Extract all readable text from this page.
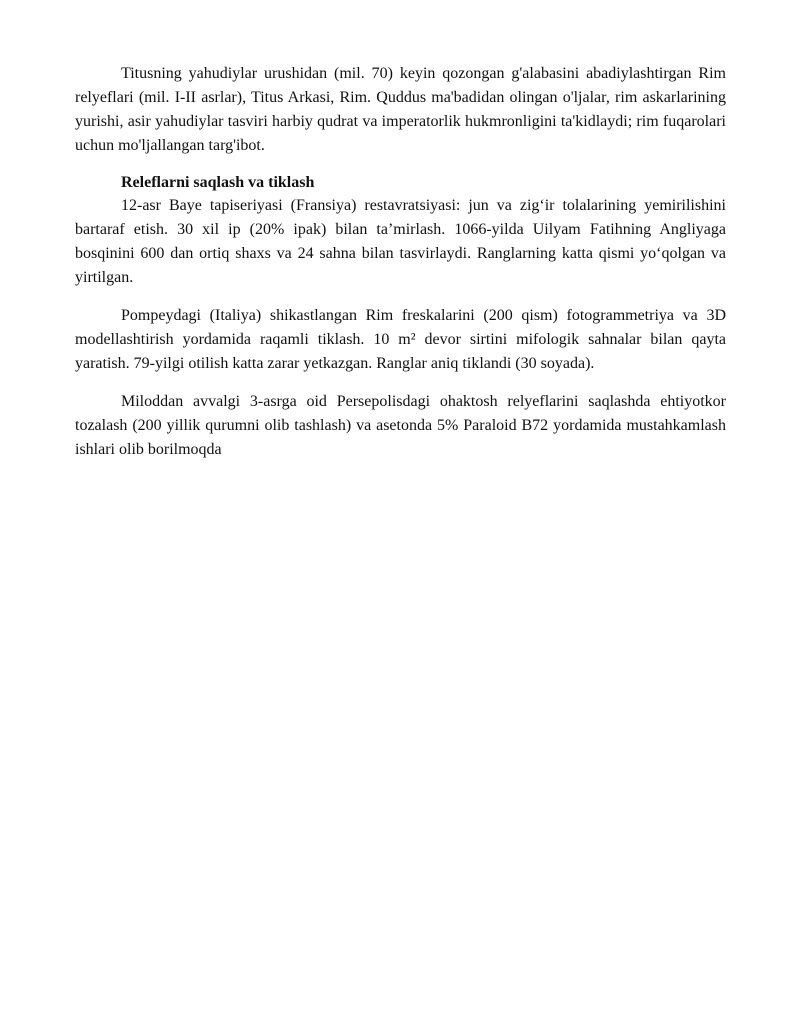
Titusning yahudiylar urushidan (mil. 70) keyin qozongan g'alabasini abadiylashtirgan Rim relyeflari (mil. I-II asrlar), Titus Arkasi, Rim. Quddus ma'badidan olingan o'ljalar, rim askarlarining yurishi, asir yahudiylar tasviri harbiy qudrat va imperatorlik hukmronligini ta'kidlaydi; rim fuqarolari uchun mo'ljallangan targ'ibot.

Releflarni saqlash va tiklash

12-asr Baye tapiseriyasi (Fransiya) restavratsiyasi: jun va zig‘ir tolalarining yemirilishini bartaraf etish. 30 xil ip (20% ipak) bilan ta’mirlash. 1066-yilda Uilyam Fatihning Angliyaga bosqinini 600 dan ortiq shaxs va 24 sahna bilan tasvirlaydi. Ranglarning katta qismi yo‘qolgan va yirtilgan.

Pompeydagi (Italiya) shikastlangan Rim freskalarini (200 qism) fotogrammetriya va 3D modellashtirish yordamida raqamli tiklash. 10 m² devor sirtini mifologik sahnalar bilan qayta yaratish. 79-yilgi otilish katta zarar yetkazgan. Ranglar aniq tiklandi (30 soyada).

Miloddan avvalgi 3-asrga oid Persepolisdagi ohaktosh relyeflarini saqlashda ehtiyotkor tozalash (200 yillik qurumni olib tashlash) va asetonda 5% Paraloid B72 yordamida mustahkamlash ishlari olib borilmoqda
